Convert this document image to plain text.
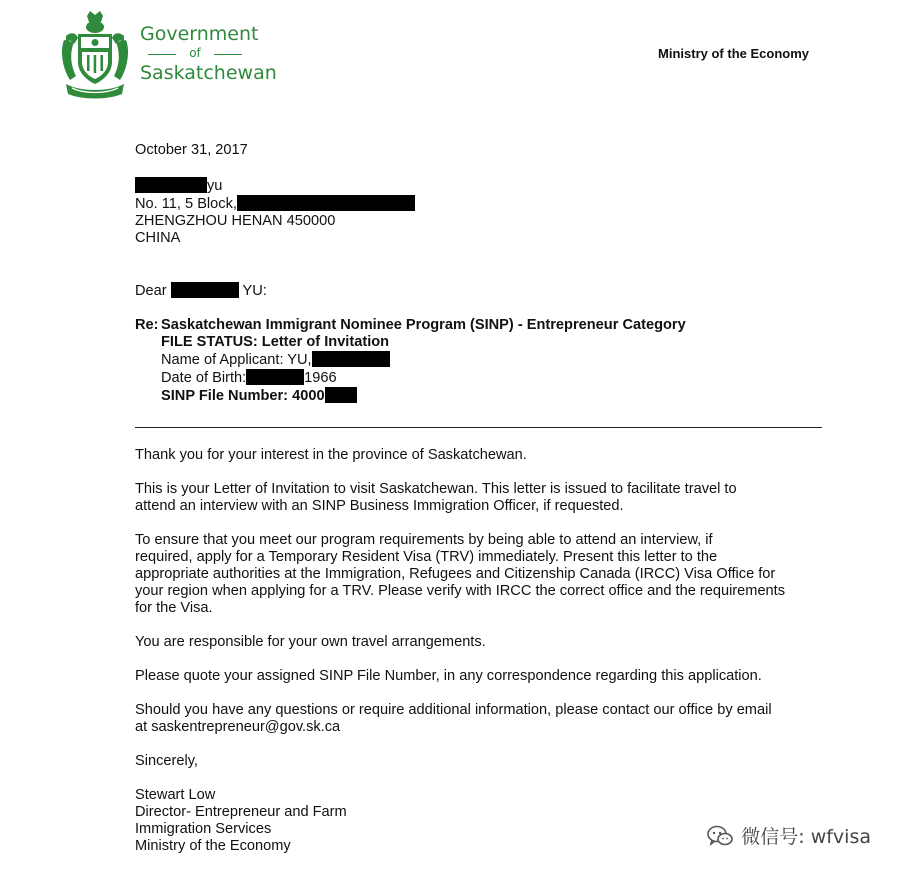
Government
of
Saskatchewan
Ministry of the Economy

October 31, 2017

yu

No. 11, 5 Block,

ZHENGZHOU HENAN 450000

CHINA

Dear	YU:

Re: Saskatchewan Immigrant Nominee Program (SINP) - Entrepreneur Category

FILE STATUS: Letter of Invitation

Name of Applicant: YU,

Date of Birth:	1966

SINP File Number: 4000

Thank you for your interest in the province of Saskatchewan.

This is your Letter of Invitation to visit Saskatchewan. This letter is issued to facilitate travel to
attend an interview with an SINP Business Immigration Officer, if requested.

To ensure that you meet our program requirements by being able to attend an interview, if
required, apply for a Temporary Resident Visa (TRV) immediately. Present this letter to the
appropriate authorities at the Immigration, Refugees and Citizenship Canada (IRCC) Visa Office for
your region when applying for a TRV. Please verify with IRCC the correct office and the requirements
for the Visa.

You are responsible for your own travel arrangements.

Please quote your assigned SINP File Number, in any correspondence regarding this application.

Should you have any questions or require additional information, please contact our office by email
at saskentrepreneur@gov.sk.ca

Sincerely,

Stewart Low
Director- Entrepreneur and Farm
Immigration Services
Ministry of the Economy	微信号: wfvisa
